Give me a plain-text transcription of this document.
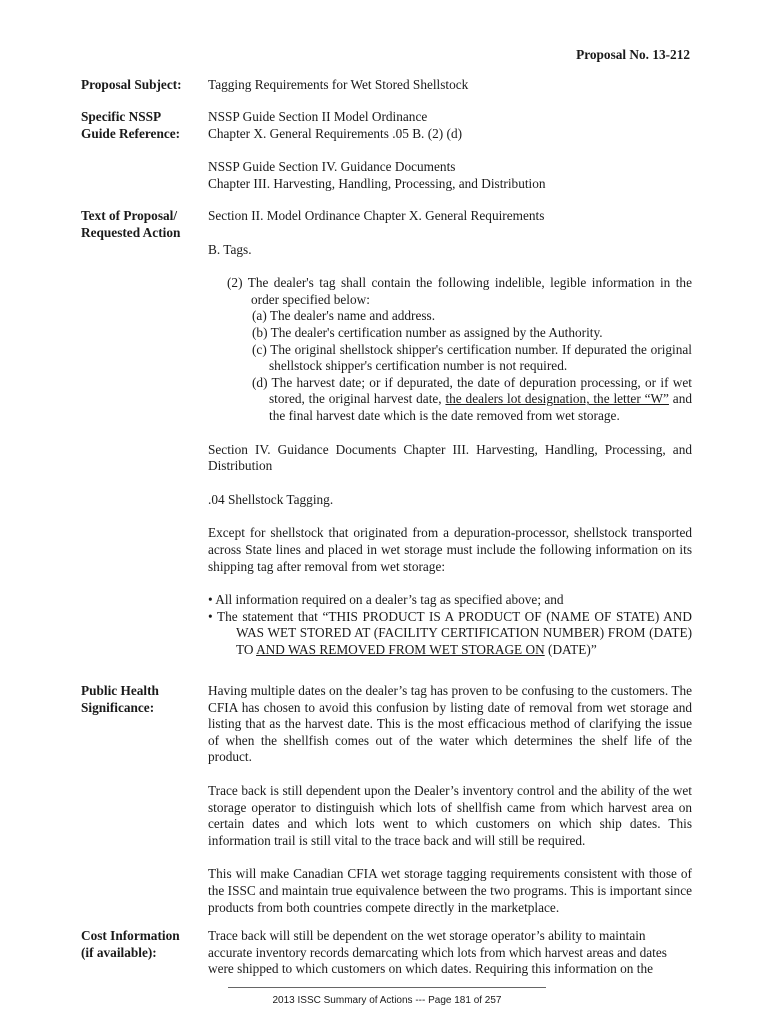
Proposal No. 13-212
Proposal Subject:	Tagging Requirements for Wet Stored Shellstock
Specific NSSP
Guide Reference:
NSSP Guide Section II Model Ordinance
Chapter X. General Requirements .05 B. (2) (d)
NSSP Guide Section IV. Guidance Documents
Chapter III. Harvesting, Handling, Processing, and Distribution
Text of Proposal/
Requested Action

Section II. Model Ordinance Chapter X. General Requirements

B. Tags.

(2) The dealer's tag shall contain the following indelible, legible information in the order specified below:

(a) The dealer's name and address.

(b) The dealer's certification number as assigned by the Authority.

(c) The original shellstock shipper's certification number. If depurated the original shellstock shipper's certification number is not required.

(d) The harvest date; or if depurated, the date of depuration processing, or if wet stored, the original harvest date, the dealers lot designation, the letter “W” and the final harvest date which is the date removed from wet storage.

Section IV. Guidance Documents Chapter III. Harvesting, Handling, Processing, and Distribution

.04 Shellstock Tagging.

Except for shellstock that originated from a depuration-processor, shellstock transported across State lines and placed in wet storage must include the following information on its shipping tag after removal from wet storage:

• All information required on a dealer’s tag as specified above; and

• The statement that “THIS PRODUCT IS A PRODUCT OF (NAME OF STATE) AND WAS WET STORED AT (FACILITY CERTIFICATION NUMBER) FROM (DATE) TO AND WAS REMOVED FROM WET STORAGE ON (DATE)”

Public Health
Significance:

Having multiple dates on the dealer’s tag has proven to be confusing to the customers. The CFIA has chosen to avoid this confusion by listing date of removal from wet storage and listing that as the harvest date. This is the most efficacious method of clarifying the issue of when the shellfish comes out of the water which determines the shelf life of the product.

Trace back is still dependent upon the Dealer’s inventory control and the ability of the wet storage operator to distinguish which lots of shellfish came from which harvest area on certain dates and which lots went to which customers on which ship dates. This information trail is still vital to the trace back and will still be required.

This will make Canadian CFIA wet storage tagging requirements consistent with those of the ISSC and maintain true equivalence between the two programs. This is important since products from both countries compete directly in the marketplace.

Cost Information
(if available):

Trace back will still be dependent on the wet storage operator’s ability to maintain accurate inventory records demarcating which lots from which harvest areas and dates were shipped to which customers on which dates. Requiring this information on the

2013 ISSC Summary of Actions --- Page 181 of 257
